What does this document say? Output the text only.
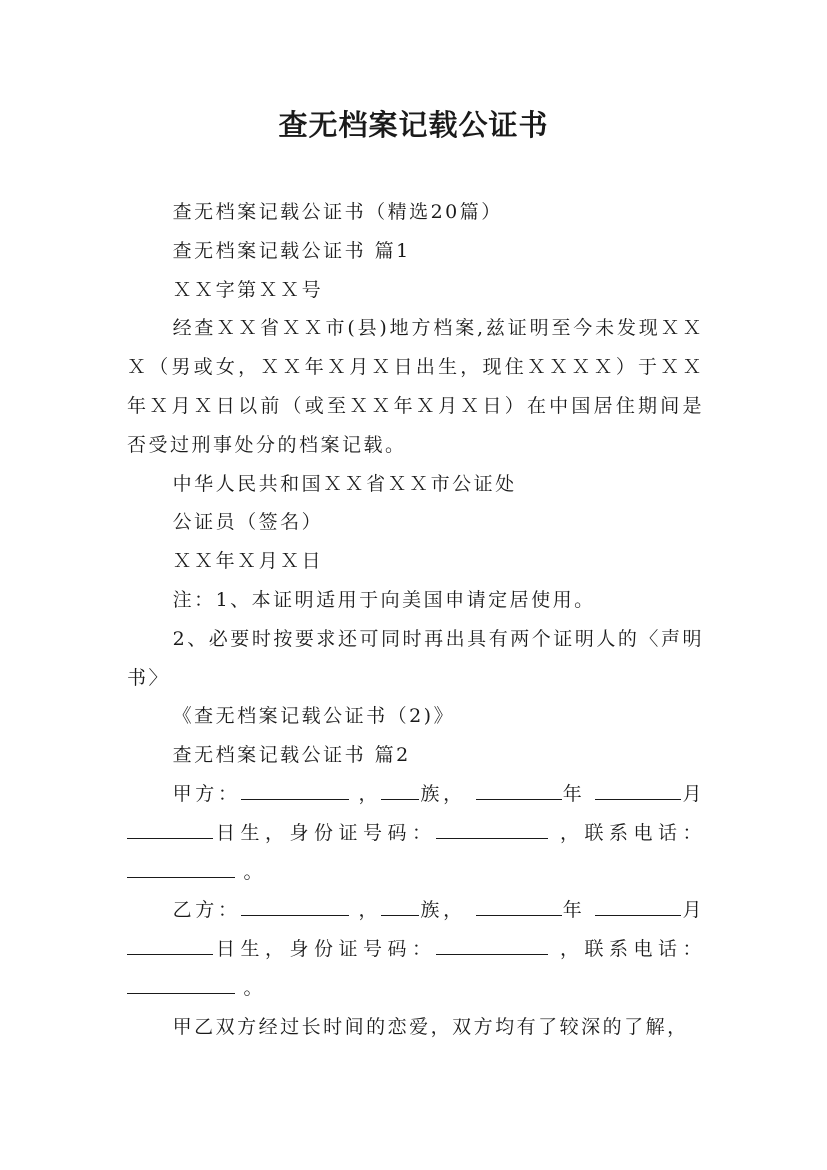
查无档案记载公证书

查无档案记载公证书（精选20篇）

查无档案记载公证书 篇1

ＸＸ字第ＸＸ号

经查ＸＸ省ＸＸ市(县)地方档案,兹证明至今未发现ＸＸＸ（男或女，ＸＸ年Ｘ月Ｘ日出生，现住ＸＸＸＸ）于ＸＸ年Ｘ月Ｘ日以前（或至ＸＸ年Ｘ月Ｘ日）在中国居住期间是否受过刑事处分的档案记载。

中华人民共和国ＸＸ省ＸＸ市公证处

公证员（签名）

ＸＸ年Ｘ月Ｘ日

注：1、本证明适用于向美国申请定居使用。

2、必要时按要求还可同时再出具有两个证明人的〈声明书〉

《查无档案记载公证书（2)》

查无档案记载公证书 篇2

甲方：	， 族，	年	月 日生，身份证号码：	，联系电话： 。

乙方：	， 族，	年	月 日生，身份证号码：	，联系电话： 。

甲乙双方经过长时间的恋爱，双方均有了较深的了解，
